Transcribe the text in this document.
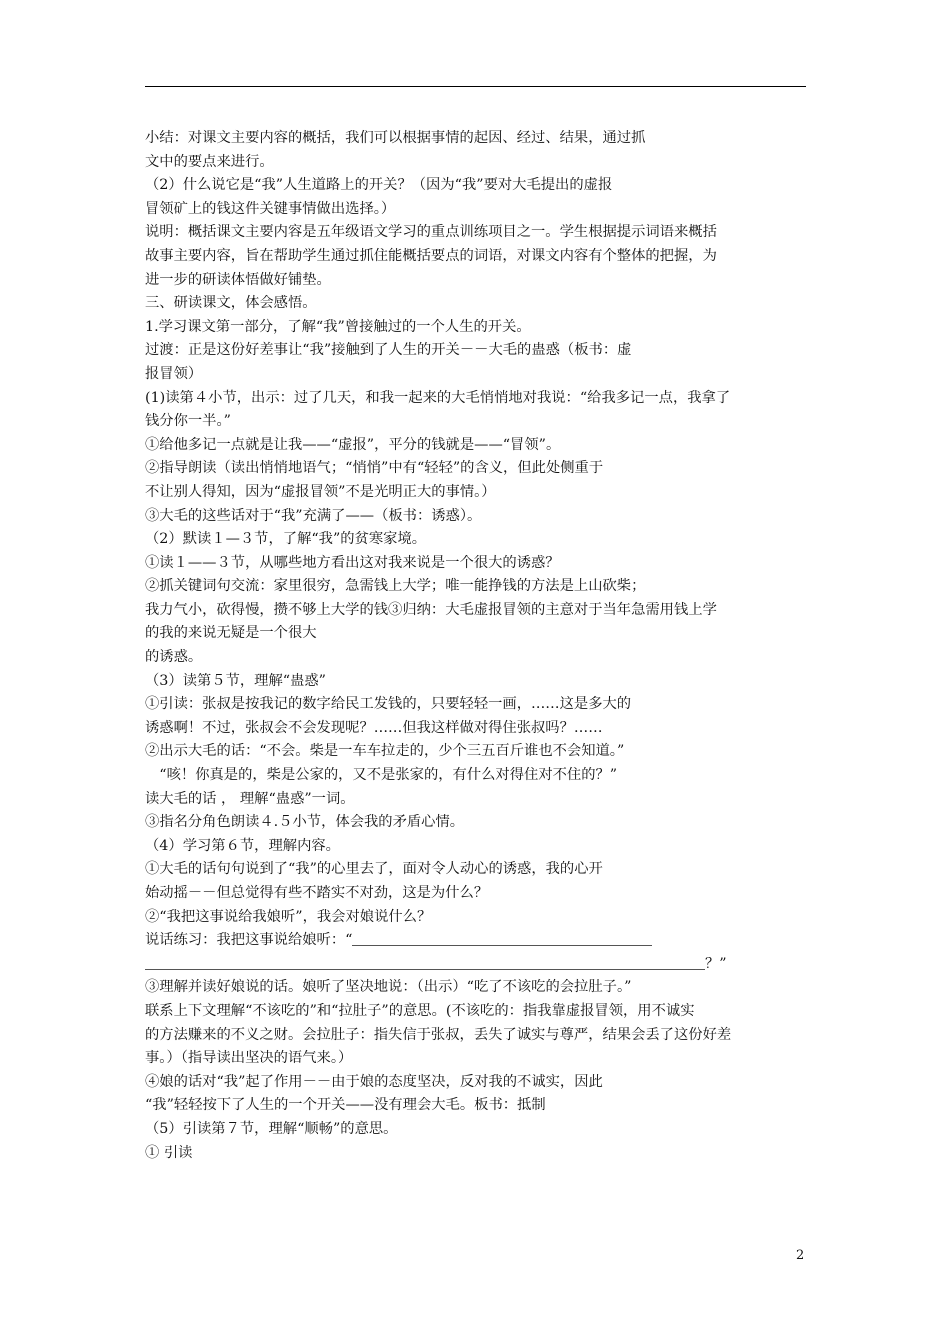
小结：对课文主要内容的概括，我们可以根据事情的起因、经过、结果，通过抓
文中的要点来进行。
（2）什么说它是“我”人生道路上的开关？（因为“我”要对大毛提出的虚报
冒领矿上的钱这件关键事情做出选择。）
说明：概括课文主要内容是五年级语文学习的重点训练项目之一。学生根据提示词语来概括
故事主要内容，旨在帮助学生通过抓住能概括要点的词语，对课文内容有个整体的把握，为
进一步的研读体悟做好铺垫。
三、研读课文，体会感悟。
1.学习课文第一部分，了解“我”曾接触过的一个人生的开关。
过渡：正是这份好差事让“我”接触到了人生的开关－－大毛的蛊惑（板书：虚
报冒领）
(1)读第４小节，出示：过了几天，和我一起来的大毛悄悄地对我说：“给我多记一点，我拿了
钱分你一半。”
①给他多记一点就是让我——“虚报”，平分的钱就是——“冒领”。
②指导朗读（读出悄悄地语气；“悄悄”中有“轻轻”的含义，但此处侧重于
不让别人得知，因为“虚报冒领”不是光明正大的事情。）
③大毛的这些话对于“我”充满了——（板书：诱惑）。
（2）默读１—３节，了解“我”的贫寒家境。
①读１——３节，从哪些地方看出这对我来说是一个很大的诱惑？
②抓关键词句交流：家里很穷，急需钱上大学；唯一能挣钱的方法是上山砍柴；
我力气小，砍得慢，攒不够上大学的钱③归纳：大毛虚报冒领的主意对于当年急需用钱上学
的我的来说无疑是一个很大
的诱惑。
（3）读第５节，理解“蛊惑”
①引读：张叔是按我记的数字给民工发钱的，只要轻轻一画，……这是多大的
诱惑啊！不过，张叔会不会发现呢？……但我这样做对得住张叔吗？……
②出示大毛的话：“不会。柴是一车车拉走的，少个三五百斤谁也不会知道。”
　“咳！你真是的，柴是公家的，又不是张家的，有什么对得住对不住的？”
读大毛的话 ， 理解“蛊惑”一词。
③指名分角色朗读４.５小节，体会我的矛盾心情。
（4）学习第６节，理解内容。
①大毛的话句句说到了“我”的心里去了，面对令人动心的诱惑，我的心开
始动摇－－但总觉得有些不踏实不对劲，这是为什么？
②“我把这事说给我娘听”，我会对娘说什么？
说话练习：我把这事说给娘听：“
？”
③理解并读好娘说的话。娘听了坚决地说：（出示）“吃了不该吃的会拉肚子。”
联系上下文理解“不该吃的”和“拉肚子”的意思。(不该吃的：指我靠虚报冒领，用不诚实
的方法赚来的不义之财。会拉肚子：指失信于张叔，丢失了诚实与尊严，结果会丢了这份好差
事。）（指导读出坚决的语气来。）
④娘的话对“我”起了作用－－由于娘的态度坚决，反对我的不诚实，因此
“我”轻轻按下了人生的一个开关——没有理会大毛。板书：抵制
（5）引读第７节，理解“顺畅”的意思。
① 引读
2
